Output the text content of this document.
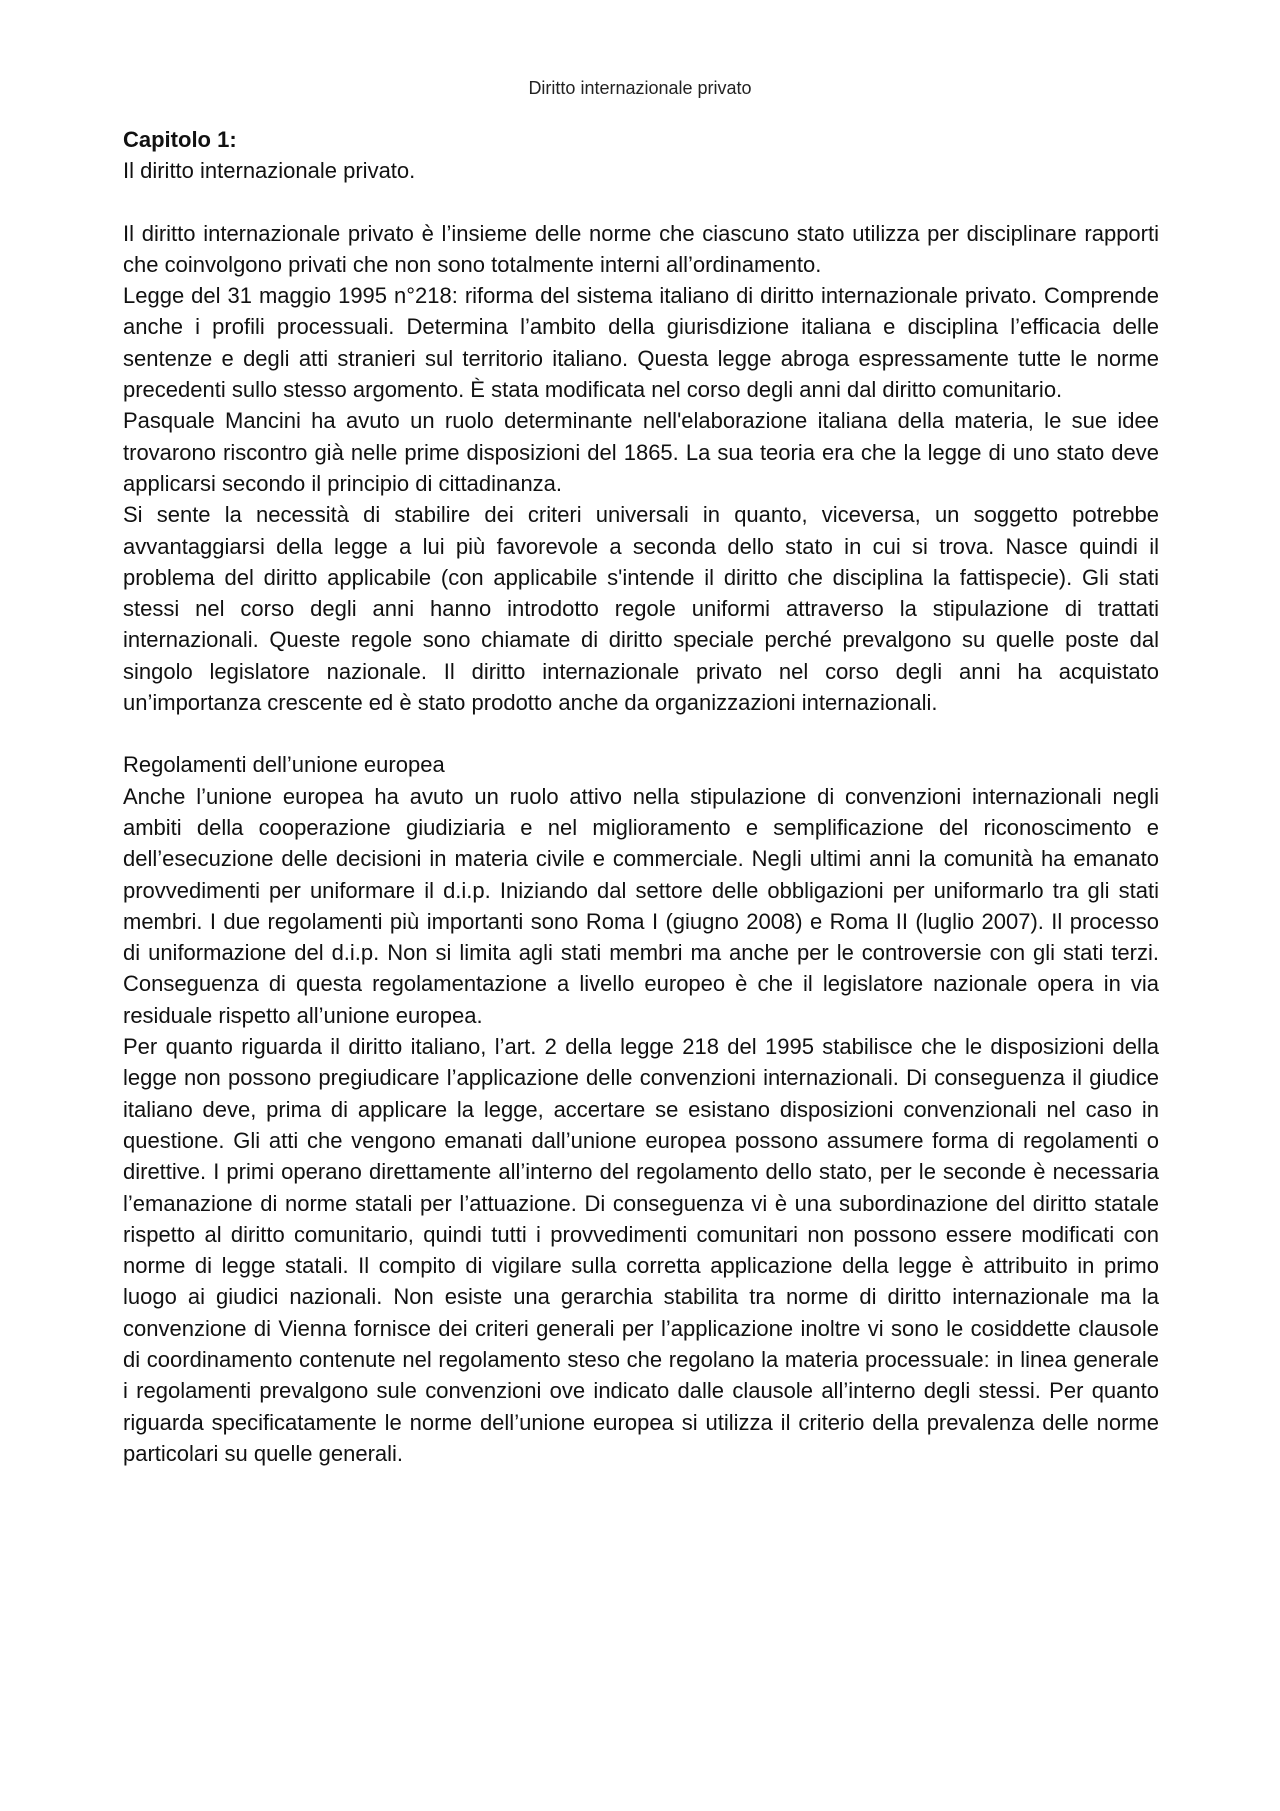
Diritto internazionale privato

Capitolo 1:

Il diritto internazionale privato.

Il diritto internazionale privato è l’insieme delle norme che ciascuno stato utilizza per disciplinare rapporti che coinvolgono privati che non sono totalmente interni all’ordinamento.

Legge del 31 maggio 1995 n°218: riforma del sistema italiano di diritto internazionale privato. Comprende anche i profili processuali. Determina l’ambito della giurisdizione italiana e disciplina l’efficacia delle sentenze e degli atti stranieri sul territorio italiano. Questa legge abroga espressamente tutte le norme precedenti sullo stesso argomento. È stata modificata nel corso degli anni dal diritto comunitario.

Pasquale Mancini ha avuto un ruolo determinante nell'elaborazione italiana della materia, le sue idee trovarono riscontro già nelle prime disposizioni del 1865. La sua teoria era che la legge di uno stato deve applicarsi secondo il principio di cittadinanza.

Si sente la necessità di stabilire dei criteri universali in quanto, viceversa, un soggetto potrebbe avvantaggiarsi della legge a lui più favorevole a seconda dello stato in cui si trova. Nasce quindi il problema del diritto applicabile (con applicabile s'intende il diritto che disciplina la fattispecie). Gli stati stessi nel corso degli anni hanno introdotto regole uniformi attraverso la stipulazione di trattati internazionali. Queste regole sono chiamate di diritto speciale perché prevalgono su quelle poste dal singolo legislatore nazionale. Il diritto internazionale privato nel corso degli anni ha acquistato un’importanza crescente ed è stato prodotto anche da organizzazioni internazionali.

Regolamenti dell’unione europea

Anche l’unione europea ha avuto un ruolo attivo nella stipulazione di convenzioni internazionali negli ambiti della cooperazione giudiziaria e nel miglioramento e semplificazione del riconoscimento e dell’esecuzione delle decisioni in materia civile e commerciale. Negli ultimi anni la comunità ha emanato provvedimenti per uniformare il d.i.p. Iniziando dal settore delle obbligazioni per uniformarlo tra gli stati membri. I due regolamenti più importanti sono Roma I (giugno 2008) e Roma II (luglio 2007). Il processo di uniformazione del d.i.p. Non si limita agli stati membri ma anche per le controversie con gli stati terzi. Conseguenza di questa regolamentazione a livello europeo è che il legislatore nazionale opera in via residuale rispetto all’unione europea.

Per quanto riguarda il diritto italiano, l’art. 2 della legge 218 del 1995 stabilisce che le disposizioni della legge non possono pregiudicare l’applicazione delle convenzioni internazionali. Di conseguenza il giudice italiano deve, prima di applicare la legge, accertare se esistano disposizioni convenzionali nel caso in questione. Gli atti che vengono emanati dall’unione europea possono assumere forma di regolamenti o direttive. I primi operano direttamente all’interno del regolamento dello stato, per le seconde è necessaria l’emanazione di norme statali per l’attuazione. Di conseguenza vi è una subordinazione del diritto statale rispetto al diritto comunitario, quindi tutti i provvedimenti comunitari non possono essere modificati con norme di legge statali. Il compito di vigilare sulla corretta applicazione della legge è attribuito in primo luogo ai giudici nazionali. Non esiste una gerarchia stabilita tra norme di diritto internazionale ma la convenzione di Vienna fornisce dei criteri generali per l’applicazione inoltre vi sono le cosiddette clausole di coordinamento contenute nel regolamento steso che regolano la materia processuale: in linea generale i regolamenti prevalgono sule convenzioni ove indicato dalle clausole all’interno degli stessi. Per quanto riguarda specificatamente le norme dell’unione europea si utilizza il criterio della prevalenza delle norme particolari su quelle generali.
